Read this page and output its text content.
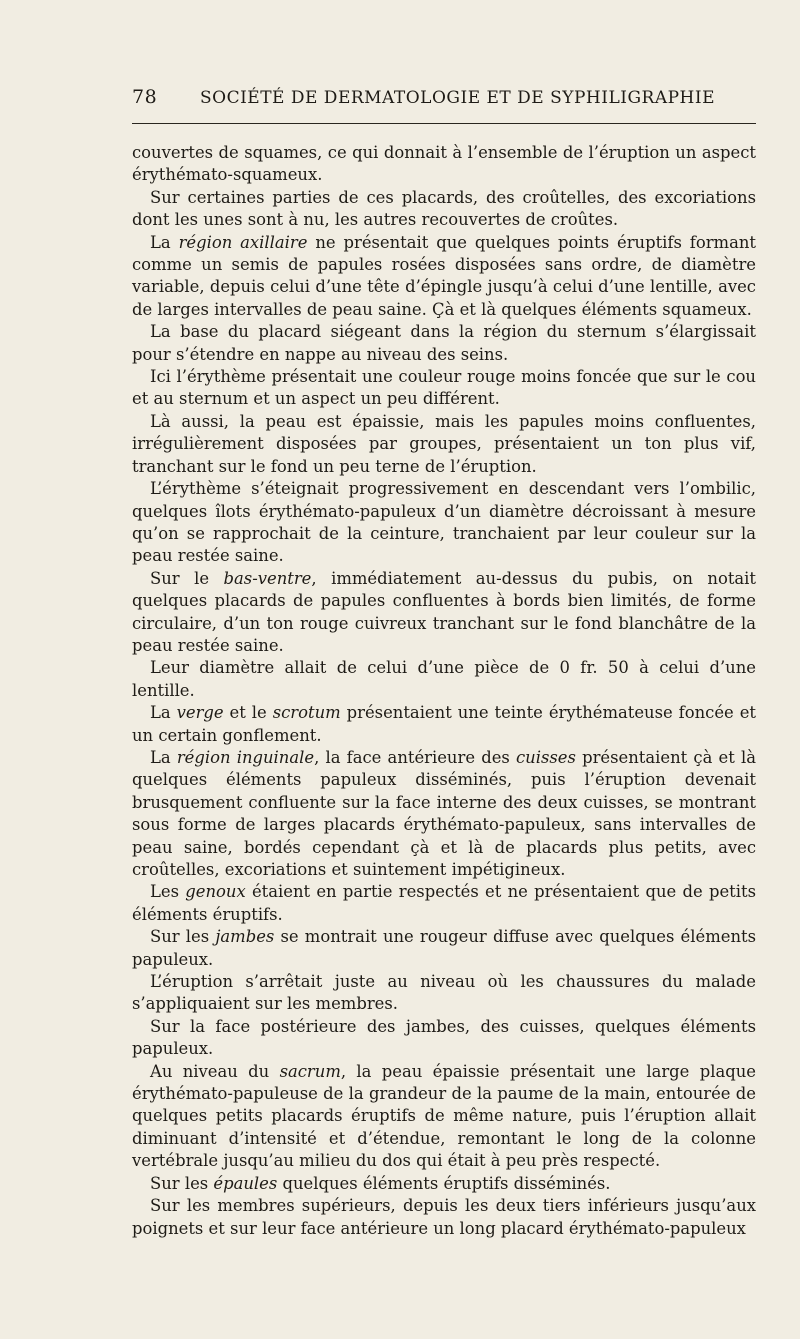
78	SOCIÉTÉ DE DERMATOLOGIE ET DE SYPHILIGRAPHIE

couvertes de squames, ce qui donnait à l’ensemble de l’éruption un aspect érythémato-squameux.

Sur certaines parties de ces placards, des croûtelles, des excoriations dont les unes sont à nu, les autres recouvertes de croûtes.

La région axillaire ne présentait que quelques points éruptifs formant comme un semis de papules rosées disposées sans ordre, de diamètre variable, depuis celui d’une tête d’épingle jusqu’à celui d’une lentille, avec de larges intervalles de peau saine. Çà et là quelques éléments squameux.

La base du placard siégeant dans la région du sternum s’élargissait pour s’étendre en nappe au niveau des seins.

Ici l’érythème présentait une couleur rouge moins foncée que sur le cou et au sternum et un aspect un peu différent.

Là aussi, la peau est épaissie, mais les papules moins confluentes, irrégulièrement disposées par groupes, présentaient un ton plus vif, tranchant sur le fond un peu terne de l’éruption.

L’érythème s’éteignait progressivement en descendant vers l’ombilic, quelques îlots érythémato-papuleux d’un diamètre décroissant à mesure qu’on se rapprochait de la ceinture, tranchaient par leur couleur sur la peau restée saine.

Sur le bas-ventre, immédiatement au-dessus du pubis, on notait quelques placards de papules confluentes à bords bien limités, de forme circulaire, d’un ton rouge cuivreux tranchant sur le fond blanchâtre de la peau restée saine.

Leur diamètre allait de celui d’une pièce de 0 fr. 50 à celui d’une lentille.

La verge et le scrotum présentaient une teinte érythémateuse foncée et un certain gonflement.

La région inguinale, la face antérieure des cuisses présentaient çà et là quelques éléments papuleux disséminés, puis l’éruption devenait brusquement confluente sur la face interne des deux cuisses, se montrant sous forme de larges placards érythémato-papuleux, sans intervalles de peau saine, bordés cependant çà et là de placards plus petits, avec croûtelles, excoriations et suintement impétigineux.

Les genoux étaient en partie respectés et ne présentaient que de petits éléments éruptifs.

Sur les jambes se montrait une rougeur diffuse avec quelques éléments papuleux.

L’éruption s’arrêtait juste au niveau où les chaussures du malade s’appliquaient sur les membres.

Sur la face postérieure des jambes, des cuisses, quelques éléments papuleux.

Au niveau du sacrum, la peau épaissie présentait une large plaque érythémato-papuleuse de la grandeur de la paume de la main, entourée de quelques petits placards éruptifs de même nature, puis l’éruption allait diminuant d’intensité et d’étendue, remontant le long de la colonne vertébrale jusqu’au milieu du dos qui était à peu près respecté.

Sur les épaules quelques éléments éruptifs disséminés.

Sur les membres supérieurs, depuis les deux tiers inférieurs jusqu’aux poignets et sur leur face antérieure un long placard érythémato-papuleux
